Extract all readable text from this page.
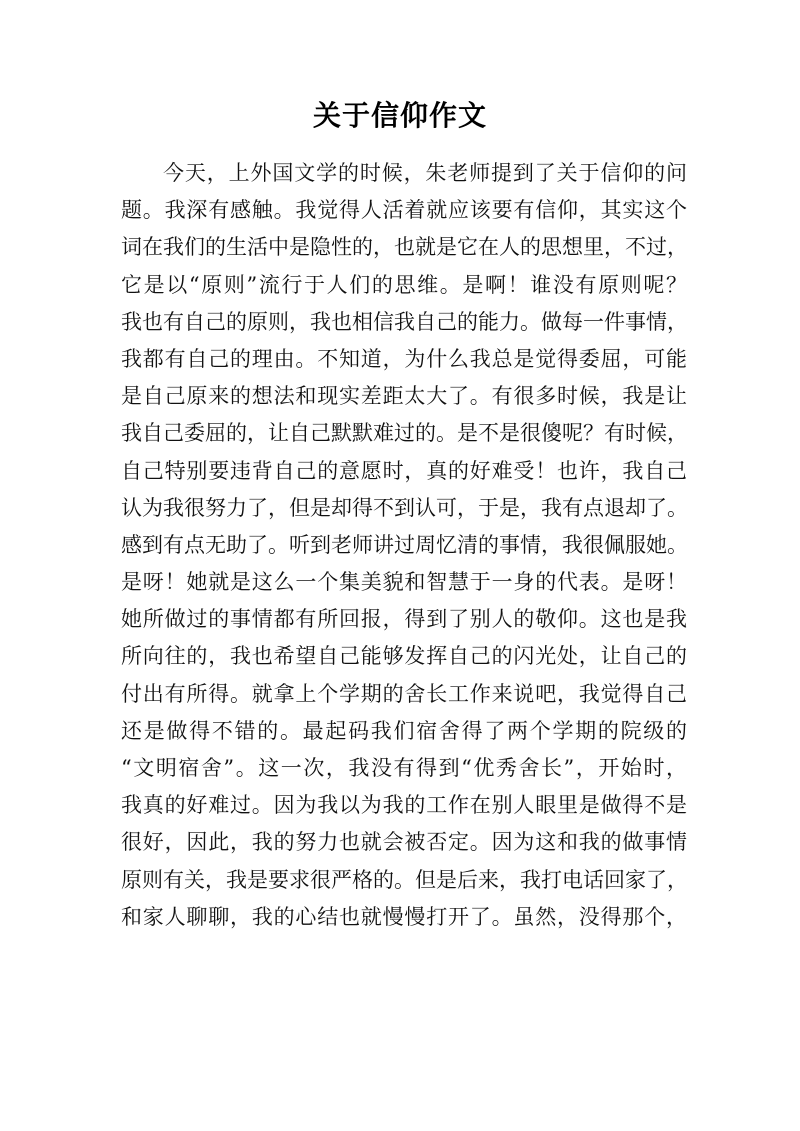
关于信仰作文
今天，上外国文学的时候，朱老师提到了关于信仰的问
题。我深有感触。我觉得人活着就应该要有信仰，其实这个
词在我们的生活中是隐性的，也就是它在人的思想里，不过，
它是以“原则”流行于人们的思维。是啊！谁没有原则呢？
我也有自己的原则，我也相信我自己的能力。做每一件事情，
我都有自己的理由。不知道，为什么我总是觉得委屈，可能
是自己原来的想法和现实差距太大了。有很多时候，我是让
我自己委屈的，让自己默默难过的。是不是很傻呢？有时候，
自己特别要违背自己的意愿时，真的好难受！也许，我自己
认为我很努力了，但是却得不到认可，于是，我有点退却了。
感到有点无助了。听到老师讲过周忆清的事情，我很佩服她。
是呀！她就是这么一个集美貌和智慧于一身的代表。是呀！
她所做过的事情都有所回报，得到了别人的敬仰。这也是我
所向往的，我也希望自己能够发挥自己的闪光处，让自己的
付出有所得。就拿上个学期的舍长工作来说吧，我觉得自己
还是做得不错的。最起码我们宿舍得了两个学期的院级的
“文明宿舍”。这一次，我没有得到“优秀舍长”，开始时，
我真的好难过。因为我以为我的工作在别人眼里是做得不是
很好，因此，我的努力也就会被否定。因为这和我的做事情
原则有关，我是要求很严格的。但是后来，我打电话回家了，
和家人聊聊，我的心结也就慢慢打开了。虽然，没得那个，
